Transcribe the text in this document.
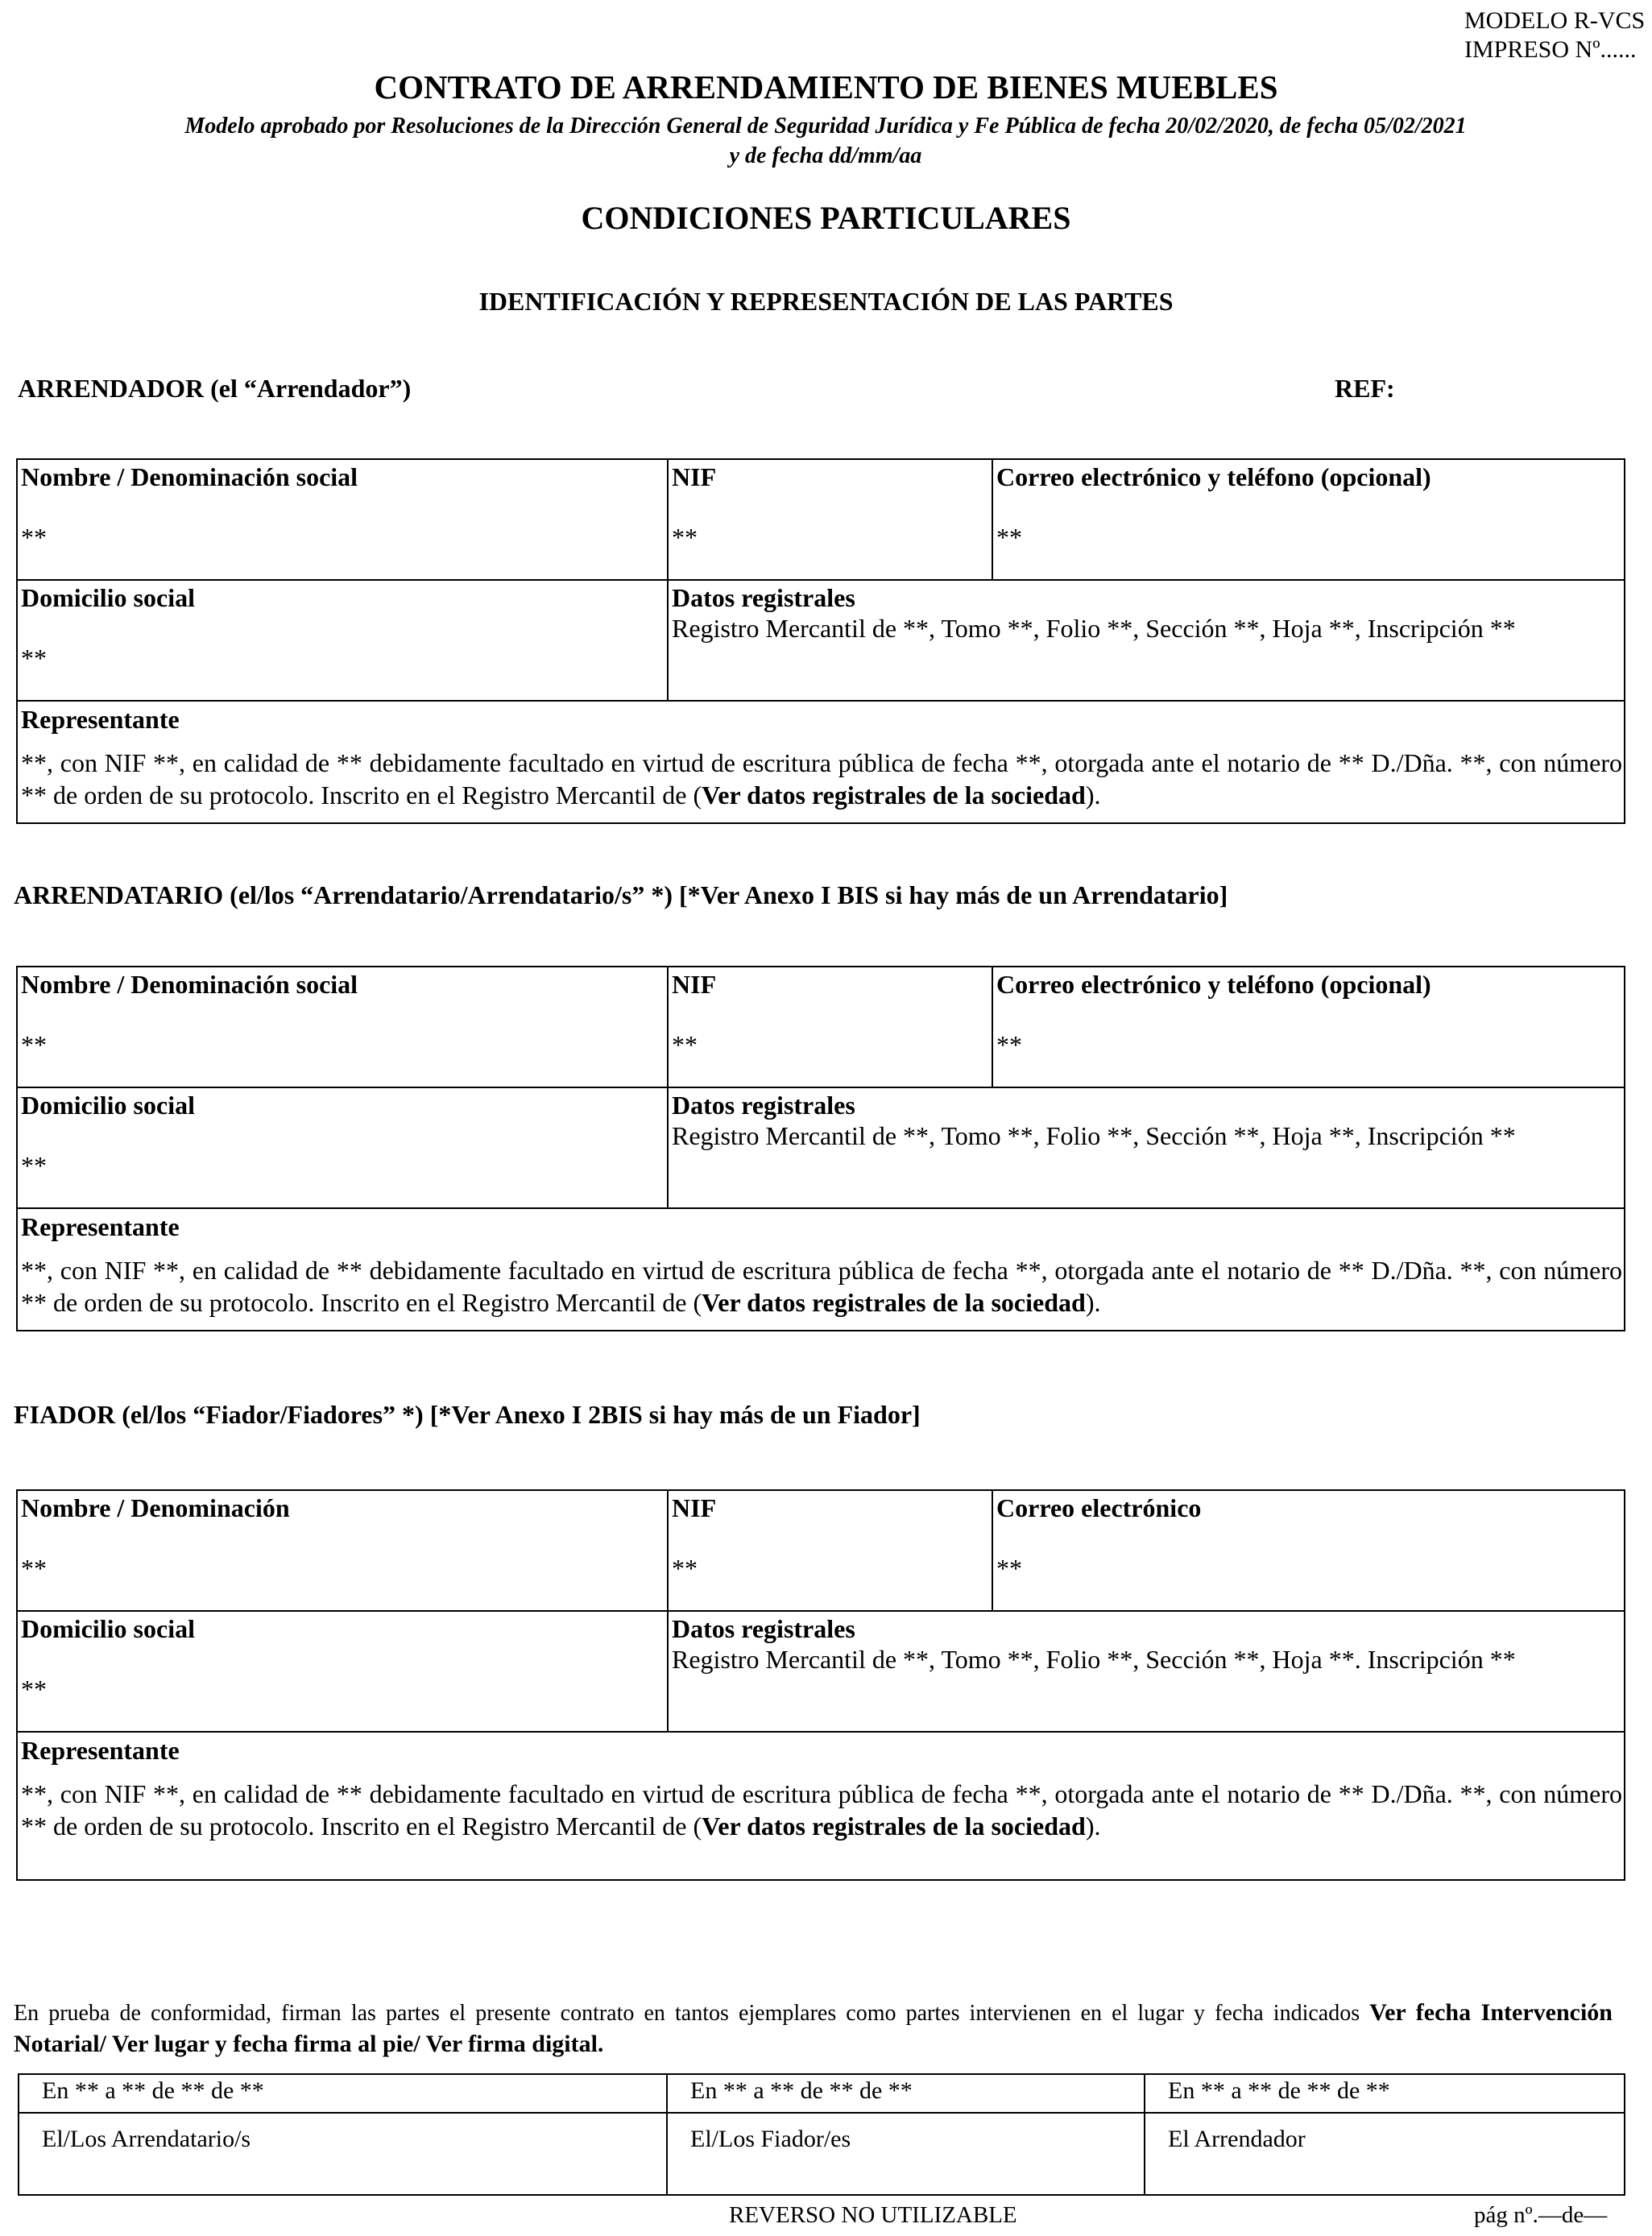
MODELO R-VCS
IMPRESO Nº......
CONTRATO DE ARRENDAMIENTO DE BIENES MUEBLES
Modelo aprobado por Resoluciones de la Dirección General de Seguridad Jurídica y Fe Pública de fecha 20/02/2020, de fecha 05/02/2021 y de fecha dd/mm/aa
CONDICIONES PARTICULARES
IDENTIFICACIÓN Y REPRESENTACIÓN DE LAS PARTES
ARRENDADOR (el “Arrendador”)	REF:
Nombre / Denominación social
**
NIF
**
Correo electrónico y teléfono (opcional)
**
Domicilio social
**
Datos registrales
Registro Mercantil de **, Tomo **, Folio **, Sección **, Hoja **, Inscripción **
Representante
**, con NIF **, en calidad de ** debidamente facultado en virtud de escritura pública de fecha **, otorgada ante el notario de ** D./Dña. **, con número ** de orden de su protocolo. Inscrito en el Registro Mercantil de (Ver datos registrales de la sociedad).
ARRENDATARIO (el/los “Arrendatario/Arrendatario/s” *) [*Ver Anexo I BIS si hay más de un Arrendatario]
Nombre / Denominación social
**
NIF
**
Correo electrónico y teléfono (opcional)
**
Domicilio social
**
Datos registrales
Registro Mercantil de **, Tomo **, Folio **, Sección **, Hoja **, Inscripción **
Representante
**, con NIF **, en calidad de ** debidamente facultado en virtud de escritura pública de fecha **, otorgada ante el notario de ** D./Dña. **, con número ** de orden de su protocolo. Inscrito en el Registro Mercantil de (Ver datos registrales de la sociedad).
FIADOR (el/los “Fiador/Fiadores” *) [*Ver Anexo I 2BIS si hay más de un Fiador]
Nombre / Denominación
**
NIF
**
Correo electrónico
**
Domicilio social
**
Datos registrales
Registro Mercantil de **, Tomo **, Folio **, Sección **, Hoja **. Inscripción **
Representante
**, con NIF **, en calidad de ** debidamente facultado en virtud de escritura pública de fecha **, otorgada ante el notario de ** D./Dña. **, con número ** de orden de su protocolo. Inscrito en el Registro Mercantil de (Ver datos registrales de la sociedad).
En prueba de conformidad, firman las partes el presente contrato en tantos ejemplares como partes intervienen en el lugar y fecha indicados Ver fecha Intervención Notarial/ Ver lugar y fecha firma al pie/ Ver firma digital.
En ** a ** de ** de **
El/Los Arrendatario/s
En ** a ** de ** de **
El/Los Fiador/es
En ** a ** de ** de **
El Arrendador
REVERSO NO UTILIZABLE	pág nº.—de—
